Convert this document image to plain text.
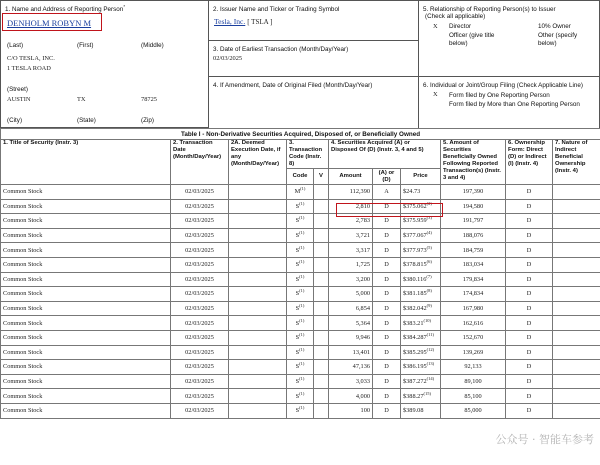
1. Name and Address of Reporting Person*
DENHOLM ROBYN M
(Last)	(First)	(Middle)
C/O TESLA, INC.
1 TESLA ROAD
(Street)
AUSTIN	TX	78725
(City)	(State)	(Zip)
2. Issuer Name and Ticker or Trading Symbol
Tesla, Inc. [ TSLA ]
3. Date of Earliest Transaction (Month/Day/Year)
02/03/2025
4. If Amendment, Date of Original Filed (Month/Day/Year)
5. Relationship of Reporting Person(s) to Issuer
(Check all applicable)
X Director	10% Owner
Officer (give title below)
Other (specify below)
6. Individual or Joint/Group Filing (Check Applicable Line)
X Form filed by One Reporting Person
Form filed by More than One Reporting Person
Table I - Non-Derivative Securities Acquired, Disposed of, or Beneficially Owned										
1. Title of Security (Instr. 3)	2. Transaction Date (Month/Day/Year)	2A. Deemed Execution Date, if any (Month/Day/Year)	3. Transaction Code (Instr. 8)		4. Securities Acquired (A) or Disposed Of (D) (Instr. 3, 4 and 5)			5. Amount of Securities Beneficially Owned Following Reported Transaction(s) (Instr. 3 and 4)	6. Ownership Form: Direct (D) or Indirect (I) (Instr. 4)	7. Nature of Indirect Beneficial Ownership (Instr. 4)
			Code	V	Amount	(A) or (D)	Price			
Common Stock	02/03/2025		$M^{(1)}$		112,390	A	$24.73	197,390	D	
Common Stock	02/03/2025		$S^{(1)}$		2,810	D	$375.062$^{(2)}$	194,580	D	
Common Stock	02/03/2025		$S^{(1)}$		2,783	D	$375.959$^{(3)}$	191,797	D	
Common Stock	02/03/2025		$S^{(1)}$		3,721	D	$377.067$^{(4)}$	188,076	D	
Common Stock	02/03/2025		$S^{(1)}$		3,317	D	$377.973$^{(5)}$	184,759	D	
Common Stock	02/03/2025		$S^{(1)}$		1,725	D	$378.815$^{(6)}$	183,034	D	
Common Stock	02/03/2025		$S^{(1)}$		3,200	D	$380.116$^{(7)}$	179,834	D	
Common Stock	02/03/2025		$S^{(1)}$		5,000	D	$381.185$^{(8)}$	174,834	D	
Common Stock	02/03/2025		$S^{(1)}$		6,854	D	$382.042$^{(9)}$	167,980	D	
Common Stock	02/03/2025		$S^{(1)}$		5,364	D	$383.21$^{(10)}$	162,616	D	
Common Stock	02/03/2025		$S^{(1)}$		9,946	D	$384.287$^{(11)}$	152,670	D	
Common Stock	02/03/2025		$S^{(1)}$		13,401	D	$385.295$^{(12)}$	139,269	D	
Common Stock	02/03/2025		$S^{(1)}$		47,136	D	$386.195$^{(13)}$	92,133	D	
Common Stock	02/03/2025		$S^{(1)}$		3,033	D	$387.272$^{(14)}$	89,100	D	
Common Stock	02/03/2025		$S^{(1)}$		4,000	D	$388.27$^{(15)}$	85,100	D	
Common Stock	02/03/2025		$S^{(1)}$		100	D	$389.08	85,000	D	
公众号 · 智能车参考
